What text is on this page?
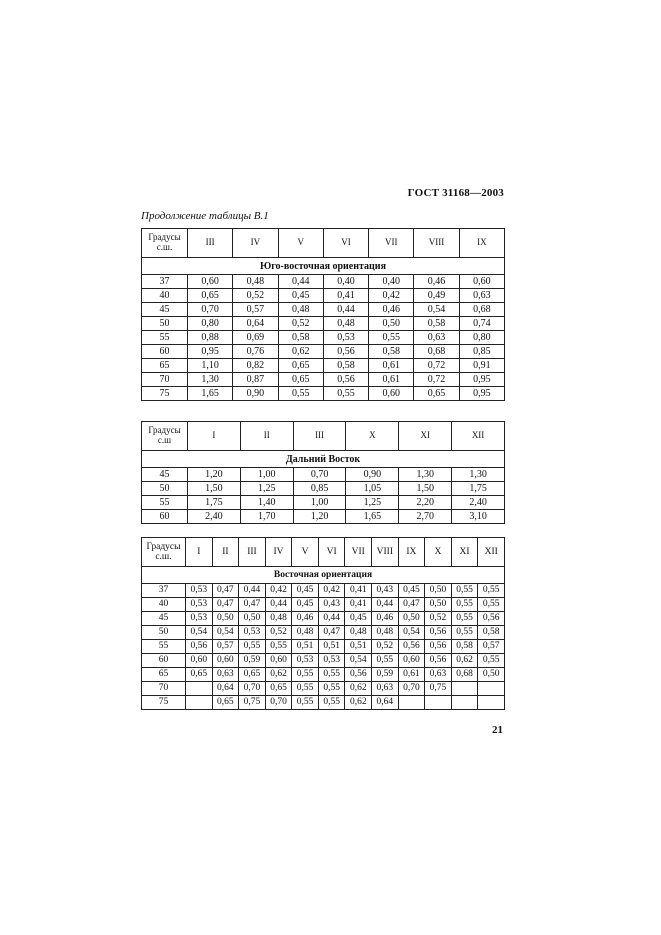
ГОСТ 31168—2003
Продолжение таблицы В.1
Градусы
с.ш.	III	IV	V	VI	VII	VIII	IX
Юго-восточная ориентация							
37	0,60	0,48	0,44	0,40	0,40	0,46	0,60
40	0,65	0,52	0,45	0,41	0,42	0,49	0,63
45	0,70	0,57	0,48	0,44	0,46	0,54	0,68
50	0,80	0,64	0,52	0,48	0,50	0,58	0,74
55	0,88	0,69	0,58	0,53	0,55	0,63	0,80
60	0,95	0,76	0,62	0,56	0,58	0,68	0,85
65	1,10	0,82	0,65	0,58	0,61	0,72	0,91
70	1,30	0,87	0,65	0,56	0,61	0,72	0,95
75	1,65	0,90	0,55	0,55	0,60	0,65	0,95
Градусы
с.ш	I	II	III	X	XI	XII
Дальний Восток						
45	1,20	1,00	0,70	0,90	1,30	1,30
50	1,50	1,25	0,85	1,05	1,50	1,75
55	1,75	1,40	1,00	1,25	2,20	2,40
60	2,40	1,70	1,20	1,65	2,70	3,10
Градусы
с.ш.	I	II	III	IV	V	VI	VII	VIII	IX	X	XI	XII
Восточная ориентация												
37	0,53	0,47	0,44	0,42	0,45	0,42	0,41	0,43	0,45	0,50	0,55	0,55
40	0,53	0,47	0,47	0,44	0,45	0,43	0,41	0,44	0,47	0,50	0,55	0,55
45	0,53	0,50	0,50	0,48	0,46	0,44	0,45	0,46	0,50	0,52	0,55	0,56
50	0,54	0,54	0,53	0,52	0,48	0,47	0,48	0,48	0,54	0,56	0,55	0,58
55	0,56	0,57	0,55	0,55	0,51	0,51	0,51	0,52	0,56	0,56	0,58	0,57
60	0,60	0,60	0,59	0,60	0,53	0,53	0,54	0,55	0,60	0,56	0,62	0,55
65	0,65	0,63	0,65	0,62	0,55	0,55	0,56	0,59	0,61	0,63	0,68	0,50
70		0,64	0,70	0,65	0,55	0,55	0,62	0,63	0,70	0,75		
75		0,65	0,75	0,70	0,55	0,55	0,62	0,64				
21
